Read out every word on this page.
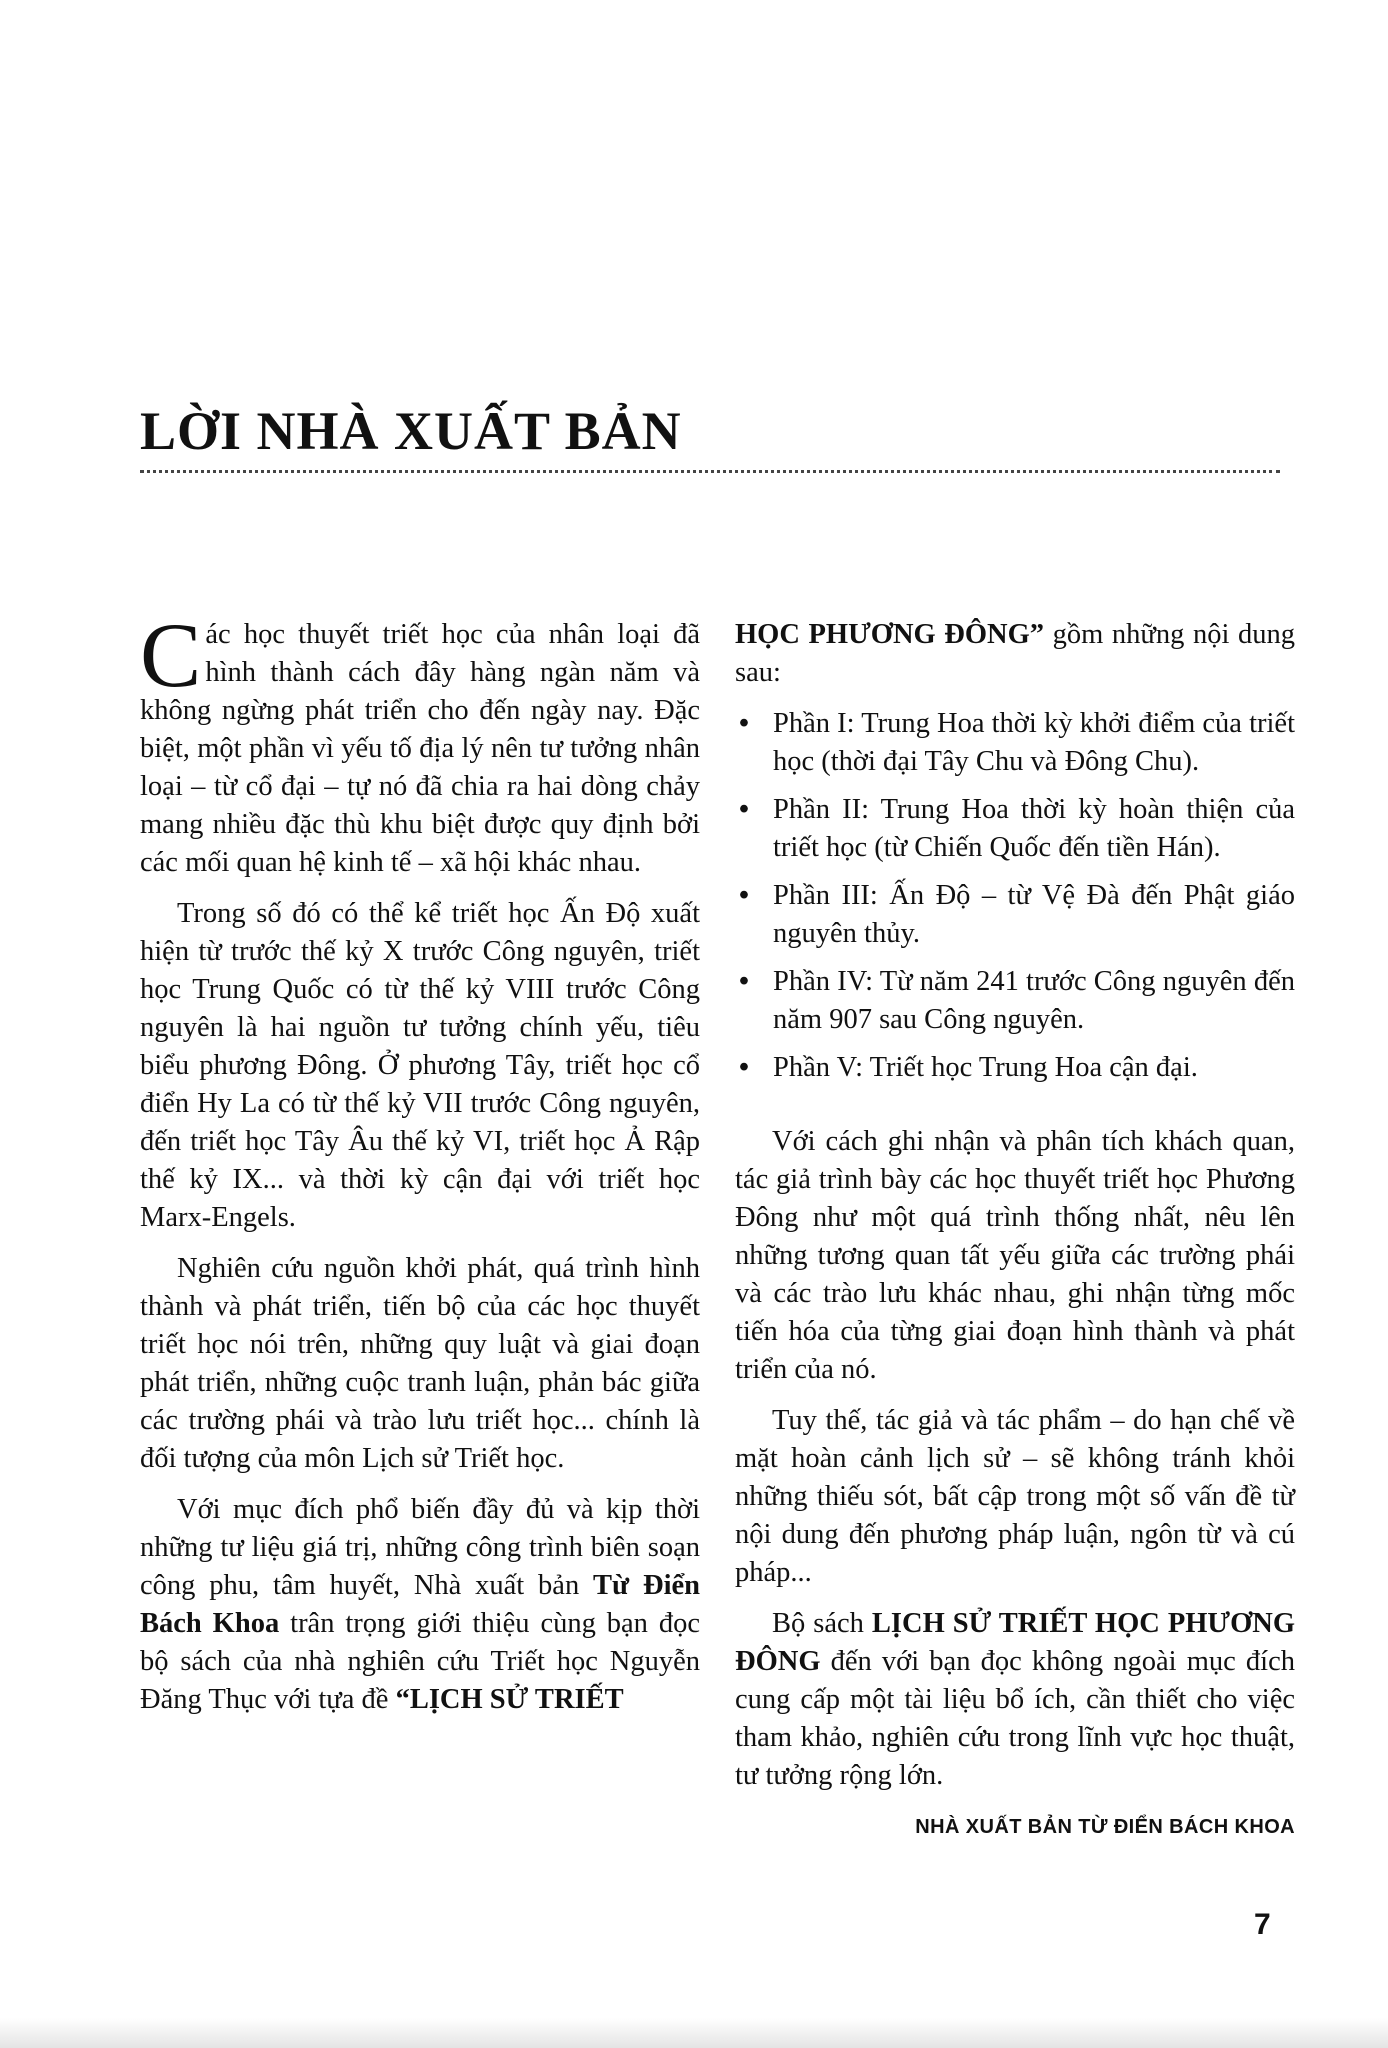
LỜI NHÀ XUẤT BẢN

Các học thuyết triết học của nhân loại đã hình thành cách đây hàng ngàn năm và không ngừng phát triển cho đến ngày nay. Đặc biệt, một phần vì yếu tố địa lý nên tư tưởng nhân loại – từ cổ đại – tự nó đã chia ra hai dòng chảy mang nhiều đặc thù khu biệt được quy định bởi các mối quan hệ kinh tế – xã hội khác nhau.

Trong số đó có thể kể triết học Ấn Độ xuất hiện từ trước thế kỷ X trước Công nguyên, triết học Trung Quốc có từ thế kỷ VIII trước Công nguyên là hai nguồn tư tưởng chính yếu, tiêu biểu phương Đông. Ở phương Tây, triết học cổ điển Hy La có từ thế kỷ VII trước Công nguyên, đến triết học Tây Âu thế kỷ VI, triết học Ả Rập thế kỷ IX... và thời kỳ cận đại với triết học Marx-Engels.

Nghiên cứu nguồn khởi phát, quá trình hình thành và phát triển, tiến bộ của các học thuyết triết học nói trên, những quy luật và giai đoạn phát triển, những cuộc tranh luận, phản bác giữa các trường phái và trào lưu triết học... chính là đối tượng của môn Lịch sử Triết học.

Với mục đích phổ biến đầy đủ và kịp thời những tư liệu giá trị, những công trình biên soạn công phu, tâm huyết, Nhà xuất bản Từ Điển Bách Khoa trân trọng giới thiệu cùng bạn đọc bộ sách của nhà nghiên cứu Triết học Nguyễn Đăng Thục với tựa đề “LỊCH SỬ TRIẾT

HỌC PHƯƠNG ĐÔNG” gồm những nội dung sau:

• Phần I: Trung Hoa thời kỳ khởi điểm của triết học (thời đại Tây Chu và Đông Chu).
• Phần II: Trung Hoa thời kỳ hoàn thiện của triết học (từ Chiến Quốc đến tiền Hán).
• Phần III: Ấn Độ – từ Vệ Đà đến Phật giáo nguyên thủy.
• Phần IV: Từ năm 241 trước Công nguyên đến năm 907 sau Công nguyên.
• Phần V: Triết học Trung Hoa cận đại.

Với cách ghi nhận và phân tích khách quan, tác giả trình bày các học thuyết triết học Phương Đông như một quá trình thống nhất, nêu lên những tương quan tất yếu giữa các trường phái và các trào lưu khác nhau, ghi nhận từng mốc tiến hóa của từng giai đoạn hình thành và phát triển của nó.

Tuy thế, tác giả và tác phẩm – do hạn chế về mặt hoàn cảnh lịch sử – sẽ không tránh khỏi những thiếu sót, bất cập trong một số vấn đề từ nội dung đến phương pháp luận, ngôn từ và cú pháp...

Bộ sách LỊCH SỬ TRIẾT HỌC PHƯƠNG ĐÔNG đến với bạn đọc không ngoài mục đích cung cấp một tài liệu bổ ích, cần thiết cho việc tham khảo, nghiên cứu trong lĩnh vực học thuật, tư tưởng rộng lớn.

NHÀ XUẤT BẢN TỪ ĐIỂN BÁCH KHOA
7
